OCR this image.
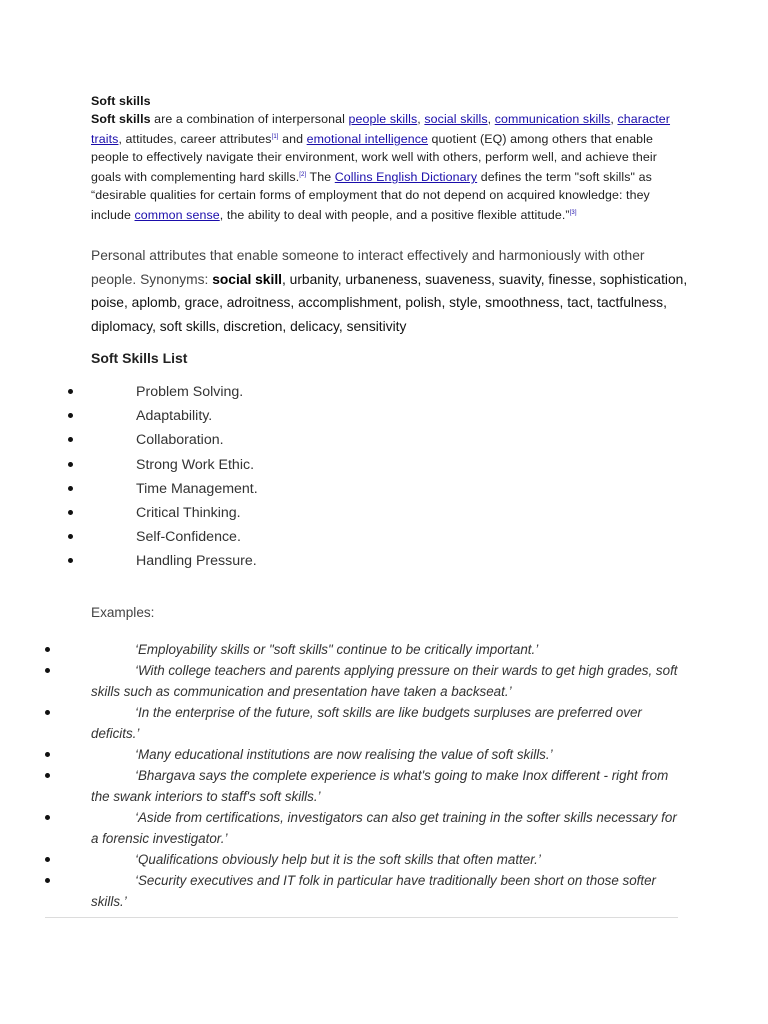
Soft skills

Soft skills are a combination of interpersonal people skills, social skills, communication skills, character traits, attitudes, career attributes[1] and emotional intelligence quotient (EQ) among others that enable people to effectively navigate their environment, work well with others, perform well, and achieve their goals with complementing hard skills.[2] The Collins English Dictionary defines the term "soft skills" as “desirable qualities for certain forms of employment that do not depend on acquired knowledge: they include common sense, the ability to deal with people, and a positive flexible attitude.”[3]

Personal attributes that enable someone to interact effectively and harmoniously with other people. Synonyms: social skill, urbanity, urbaneness, suaveness, suavity, finesse, sophistication, poise, aplomb, grace, adroitness, accomplishment, polish, style, smoothness, tact, tactfulness, diplomacy, soft skills, discretion, delicacy, sensitivity
Soft Skills List
Problem Solving.
Adaptability.
Collaboration.
Strong Work Ethic.
Time Management.
Critical Thinking.
Self-Confidence.
Handling Pressure.
Examples:
‘Employability skills or "soft skills" continue to be critically important.’
‘With college teachers and parents applying pressure on their wards to get high grades, soft skills such as communication and presentation have taken a backseat.’
‘In the enterprise of the future, soft skills are like budgets surpluses are preferred over deficits.’
‘Many educational institutions are now realising the value of soft skills.’
‘Bhargava says the complete experience is what's going to make Inox different - right from the swank interiors to staff's soft skills.’
‘Aside from certifications, investigators can also get training in the softer skills necessary for a forensic investigator.’
‘Qualifications obviously help but it is the soft skills that often matter.’
‘Security executives and IT folk in particular have traditionally been short on those softer skills.’
